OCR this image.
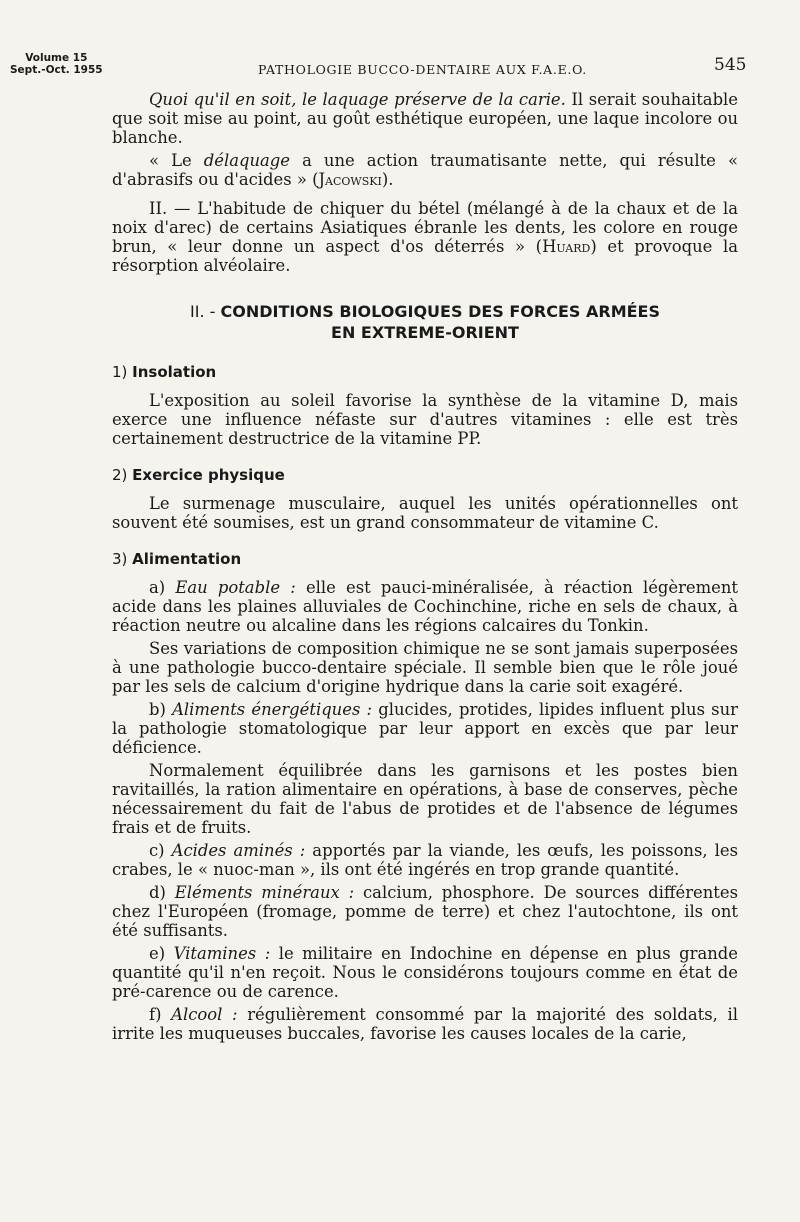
Volume 15
Sept.-Oct. 1955	PATHOLOGIE BUCCO-DENTAIRE AUX F.A.E.O.	545

Quoi qu'il en soit, le laquage préserve de la carie. Il serait souhaitable que soit mise au point, au goût esthétique européen, une laque incolore ou blanche.

« Le délaquage a une action traumatisante nette, qui résulte « d'abrasifs ou d'acides » (Jacowski).

II. — L'habitude de chiquer du bétel (mélangé à de la chaux et de la noix d'arec) de certains Asiatiques ébranle les dents, les colore en rouge brun, « leur donne un aspect d'os déterrés » (Huard) et provoque la résorption alvéolaire.

II. - CONDITIONS BIOLOGIQUES DES FORCES ARMÉES
EN EXTREME-ORIENT
1) Insolation

L'exposition au soleil favorise la synthèse de la vitamine D, mais exerce une influence néfaste sur d'autres vitamines : elle est très certainement destructrice de la vitamine PP.

2) Exercice physique

Le surmenage musculaire, auquel les unités opérationnelles ont souvent été soumises, est un grand consommateur de vitamine C.

3) Alimentation

a) Eau potable : elle est pauci-minéralisée, à réaction légèrement acide dans les plaines alluviales de Cochinchine, riche en sels de chaux, à réaction neutre ou alcaline dans les régions calcaires du Tonkin.

Ses variations de composition chimique ne se sont jamais superposées à une pathologie bucco-dentaire spéciale. Il semble bien que le rôle joué par les sels de calcium d'origine hydrique dans la carie soit exagéré.

b) Aliments énergétiques : glucides, protides, lipides influent plus sur la pathologie stomatologique par leur apport en excès que par leur déficience.

Normalement équilibrée dans les garnisons et les postes bien ravitaillés, la ration alimentaire en opérations, à base de conserves, pèche nécessairement du fait de l'abus de protides et de l'absence de légumes frais et de fruits.

c) Acides aminés : apportés par la viande, les œufs, les poissons, les crabes, le « nuoc-man », ils ont été ingérés en trop grande quantité.

d) Eléments minéraux : calcium, phosphore. De sources différentes chez l'Européen (fromage, pomme de terre) et chez l'autochtone, ils ont été suffisants.

e) Vitamines : le militaire en Indochine en dépense en plus grande quantité qu'il n'en reçoit. Nous le considérons toujours comme en état de pré-carence ou de carence.

f) Alcool : régulièrement consommé par la majorité des soldats, il irrite les muqueuses buccales, favorise les causes locales de la carie,
